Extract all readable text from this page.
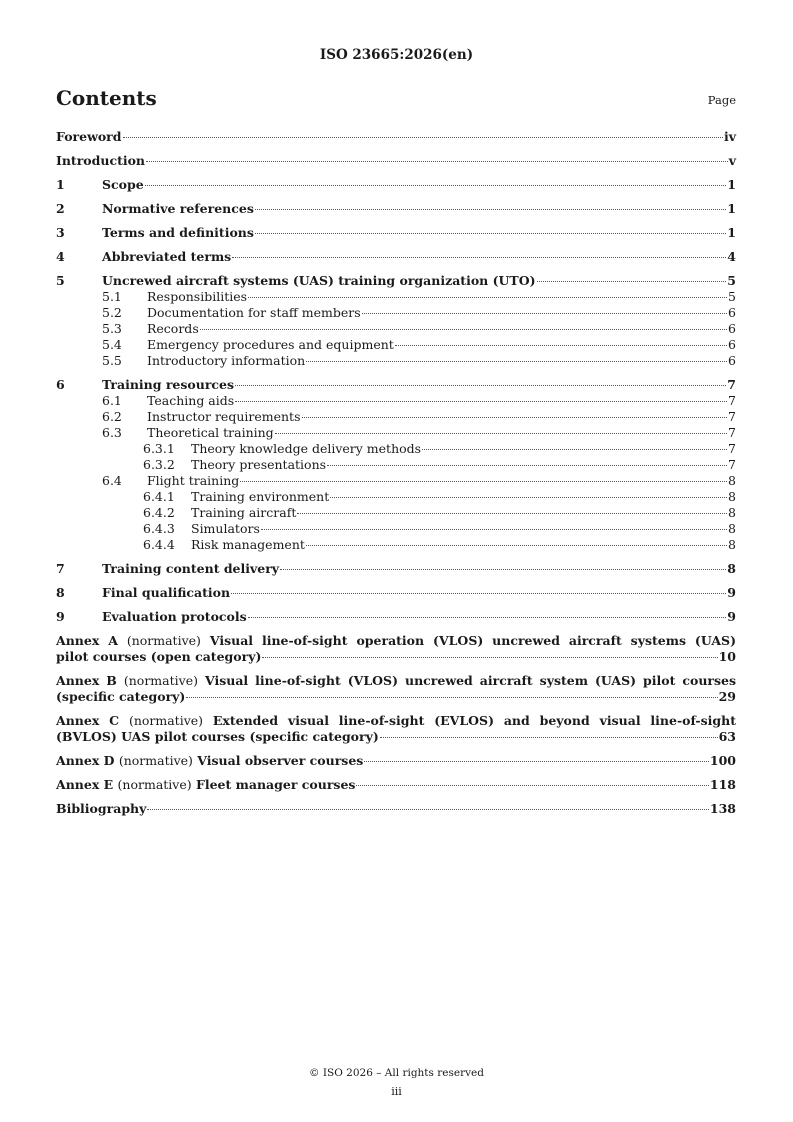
ISO 23665:2026(en)
Contents	Page
Foreword	iv
Introduction	v
1	Scope	1
2	Normative references	1
3	Terms and definitions	1
4	Abbreviated terms	4
5	Uncrewed aircraft systems (UAS) training organization (UTO)	5
5.1	Responsibilities	5
5.2	Documentation for staff members	6
5.3	Records	6
5.4	Emergency procedures and equipment	6
5.5	Introductory information	6
6	Training resources	7
6.1	Teaching aids	7
6.2	Instructor requirements	7
6.3	Theoretical training	7
6.3.1	Theory knowledge delivery methods	7
6.3.2	Theory presentations	7
6.4	Flight training	8
6.4.1	Training environment	8
6.4.2	Training aircraft	8
6.4.3	Simulators	8
6.4.4	Risk management	8
7	Training content delivery	8
8	Final qualification	9
9	Evaluation protocols	9
Annex A (normative) Visual line-of-sight operation (VLOS) uncrewed aircraft systems (UAS)
pilot courses (open category)	10
Annex B (normative) Visual line-of-sight (VLOS) uncrewed aircraft system (UAS) pilot courses
(specific category)	29
Annex C (normative) Extended visual line-of-sight (EVLOS) and beyond visual line-of-sight
(BVLOS) UAS pilot courses (specific category)	63
Annex D (normative) Visual observer courses	100
Annex E (normative) Fleet manager courses	118
Bibliography	138
© ISO 2026 – All rights reserved
iii
